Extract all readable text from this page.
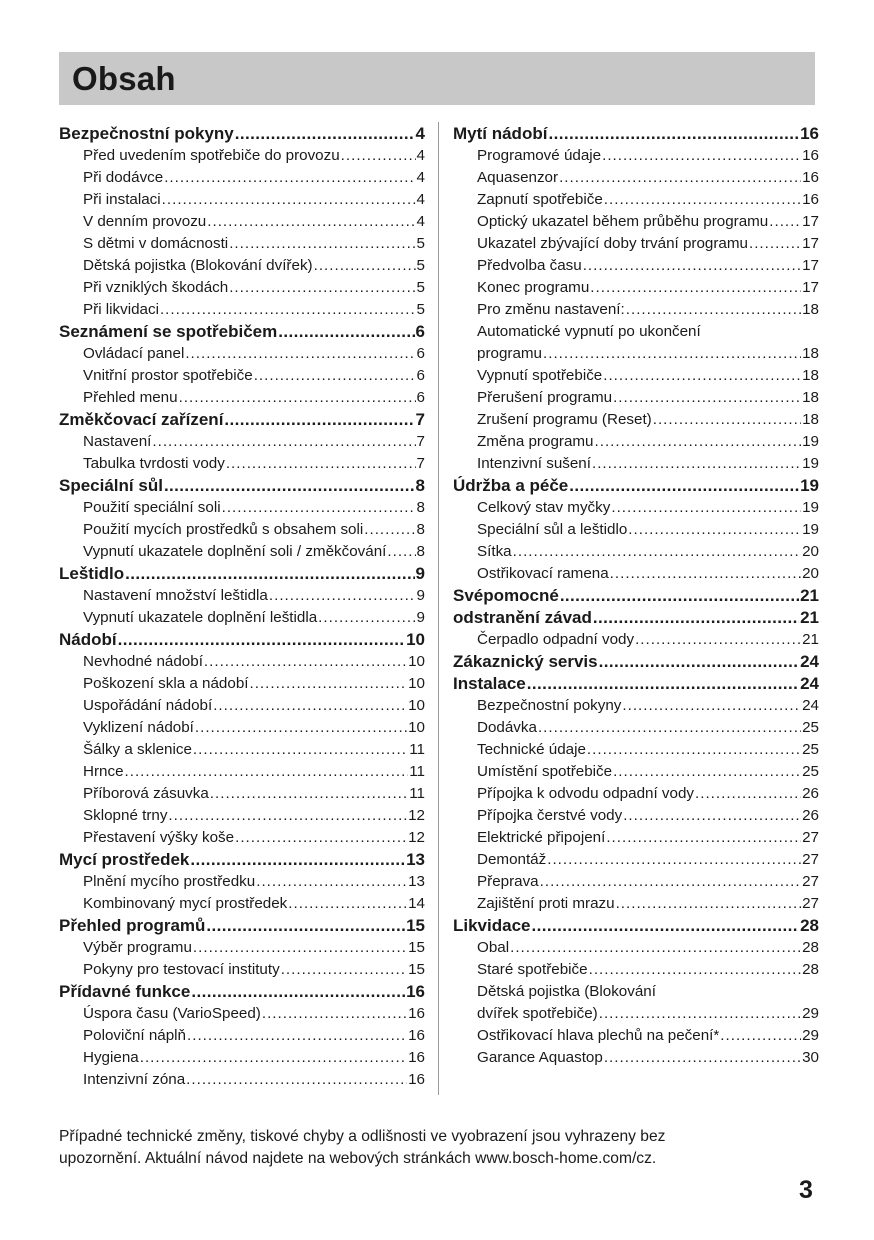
Obsah
Bezpečnostní pokyny .....	4
Před uvedením spotřebiče do provozu .....	4
Při dodávce .....	4
Při instalaci .....	4
V denním provozu .....	4
S dětmi v domácnosti .....	5
Dětská pojistka (Blokování dvířek) .....	5
Při vzniklých škodách .....	5
Při likvidaci .....	5
Seznámení se spotřebičem .....	6
Ovládací panel .....	6
Vnitřní prostor spotřebiče .....	6
Přehled menu .....	6
Změkčovací zařízení .....	7
Nastavení .....	7
Tabulka tvrdosti vody .....	7
Speciální sůl .....	8
Použití speciální soli .....	8
Použití mycích prostředků s obsahem soli .....	8
Vypnutí ukazatele doplnění soli / změkčování ..... 8
Leštidlo .....	9
Nastavení množství leštidla .....	9
Vypnutí ukazatele doplnění leštidla .....	9
Nádobí .....	10
Nevhodné nádobí .....	10
Poškození skla a nádobí .....	10
Uspořádání nádobí .....	10
Vyklizení nádobí .....	10
Šálky a sklenice .....	11
Hrnce .....	11
Příborová zásuvka .....	11
Sklopné trny .....	12
Přestavení výšky koše .....	12
Mycí prostředek .....	13
Plnění mycího prostředku .....	13
Kombinovaný mycí prostředek .....	14
Přehled programů .....	15
Výběr programu .....	15
Pokyny pro testovací instituty .....	15
Přídavné funkce .....	16
Úspora času (VarioSpeed) .....	16
Poloviční náplň .....	16
Hygiena .....	16
Intenzivní zóna .....	16
Mytí nádobí .....	16
Programové údaje .....	16
Aquasenzor .....	16
Zapnutí spotřebiče .....	16
Optický ukazatel během průběhu programu ..... 17
Ukazatel zbývající doby trvání programu .....	17
Předvolba času .....	17
Konec programu .....	17
Pro změnu nastavení: .....	18
Automatické vypnutí po ukončení
programu .....	18
Vypnutí spotřebiče .....	18
Přerušení programu .....	18
Zrušení programu (Reset) .....	18
Změna programu .....	19
Intenzivní sušení .....	19
Údržba a péče .....	19
Celkový stav myčky .....	19
Speciální sůl a leštidlo .....	19
Sítka .....	20
Ostřikovací ramena .....	20
Svépomocné .....	21
odstranění závad .....	21
Čerpadlo odpadní vody .....	21
Zákaznický servis .....	24
Instalace .....	24
Bezpečnostní pokyny .....	24
Dodávka .....	25
Technické údaje .....	25
Umístění spotřebiče .....	25
Přípojka k odvodu odpadní vody .....	26
Přípojka čerstvé vody .....	26
Elektrické připojení .....	27
Demontáž .....	27
Přeprava .....	27
Zajištění proti mrazu .....	27
Likvidace .....	28
Obal .....	28
Staré spotřebiče .....	28
Dětská pojistka (Blokování
dvířek spotřebiče) .....	29
Ostřikovací hlava plechů na pečení* .....	29
Garance Aquastop .....	30
Případné technické změny, tiskové chyby a odlišnosti ve vyobrazení jsou vyhrazeny bez
upozornění. Aktuální návod najdete na webových stránkách www.bosch-home.com/cz.
3
